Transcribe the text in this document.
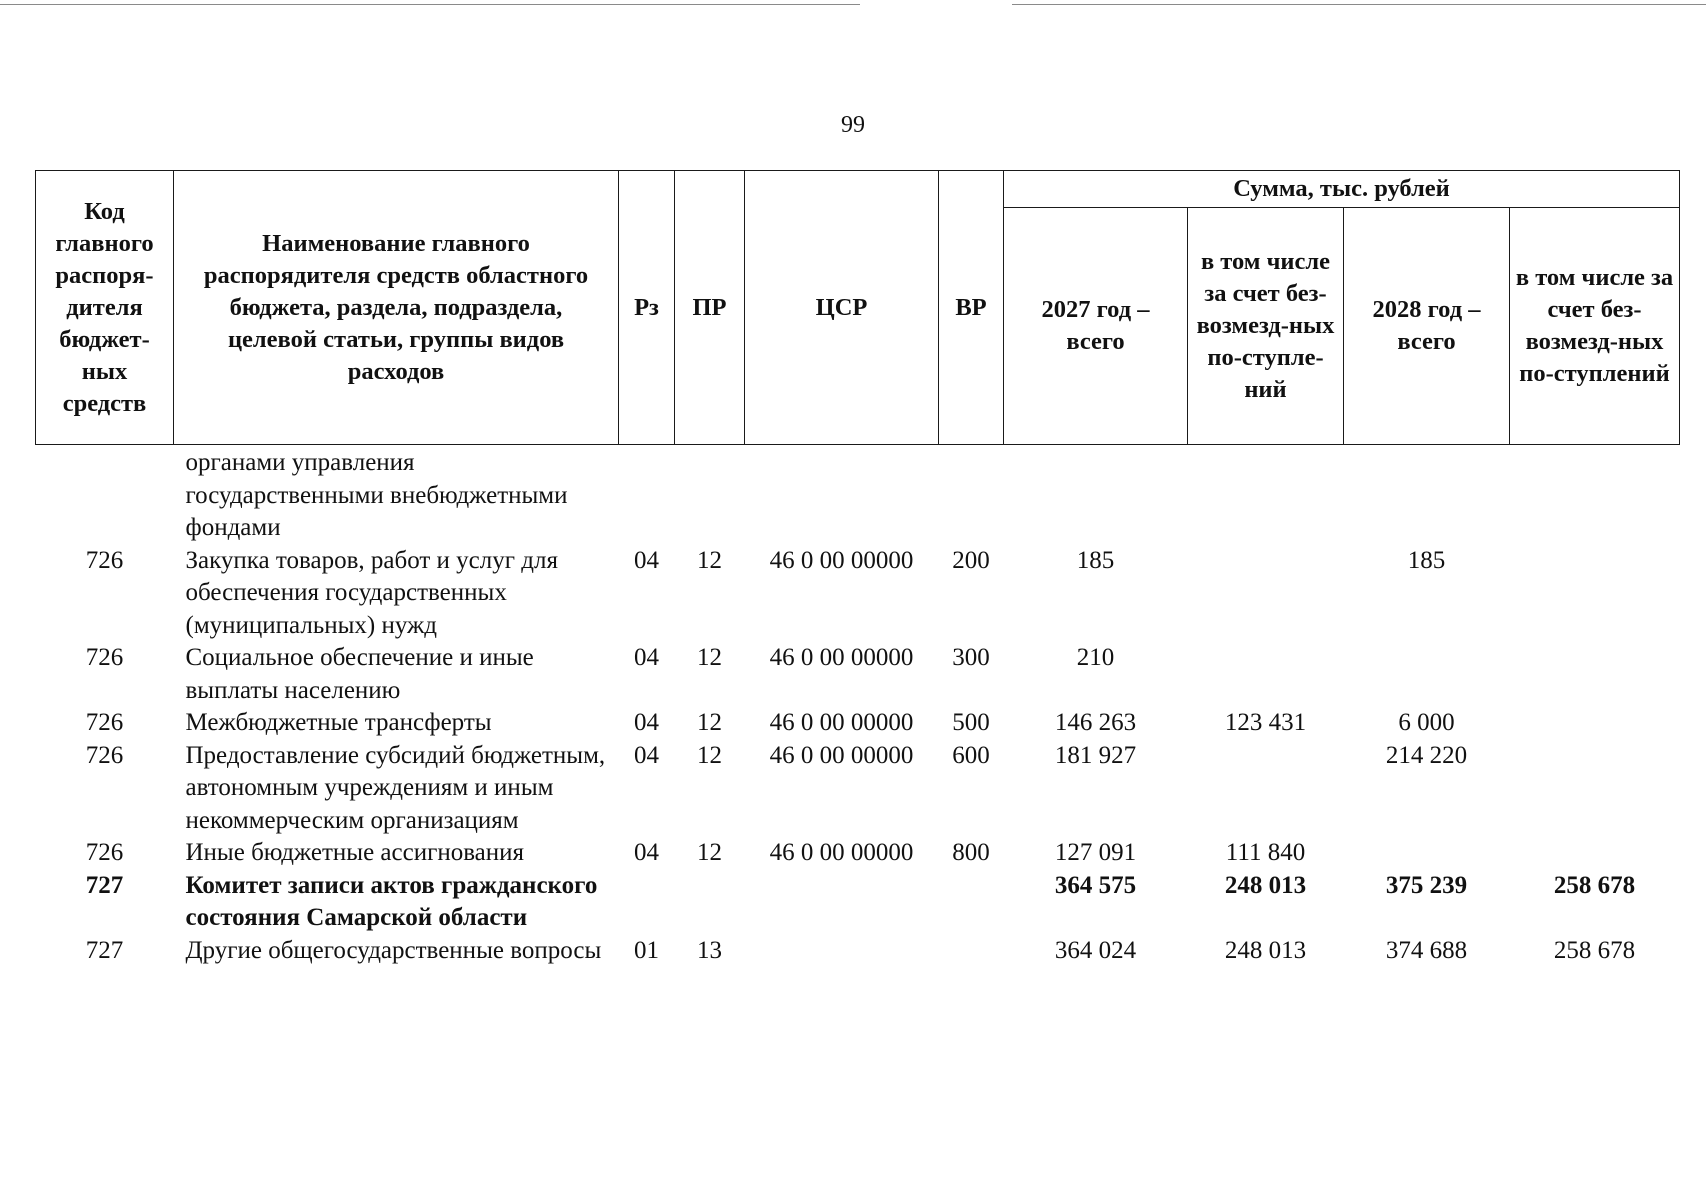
99
Код главного распоря-дителя бюджет-ных средств	Наименование главного распорядителя средств областного бюджета, раздела, подраздела, целевой статьи, группы видов расходов	Рз	ПР	ЦСР	ВР	Сумма, тыс. рублей			
						2027 год – всего	в том числе за счет без-возмезд-ных по-ступле-ний	2028 год – всего	в том числе за счет без-возмезд-ных по-ступлений
	органами управления государственными внебюджетными фондами								
726	Закупка товаров, работ и услуг для обеспечения государственных (муниципальных) нужд	04	12	46 0 00 00000	200	185		185	
726	Социальное обеспечение и иные выплаты населению	04	12	46 0 00 00000	300	210			
726	Межбюджетные трансферты	04	12	46 0 00 00000	500	146 263	123 431	6 000	
726	Предоставление субсидий бюджетным, автономным учреждениям и иным некоммерческим организациям	04	12	46 0 00 00000	600	181 927		214 220	
726	Иные бюджетные ассигнования	04	12	46 0 00 00000	800	127 091	111 840		
727	Комитет записи актов гражданского состояния Самарской области					364 575	248 013	375 239	258 678
727	Другие общегосударственные вопросы	01	13			364 024	248 013	374 688	258 678
